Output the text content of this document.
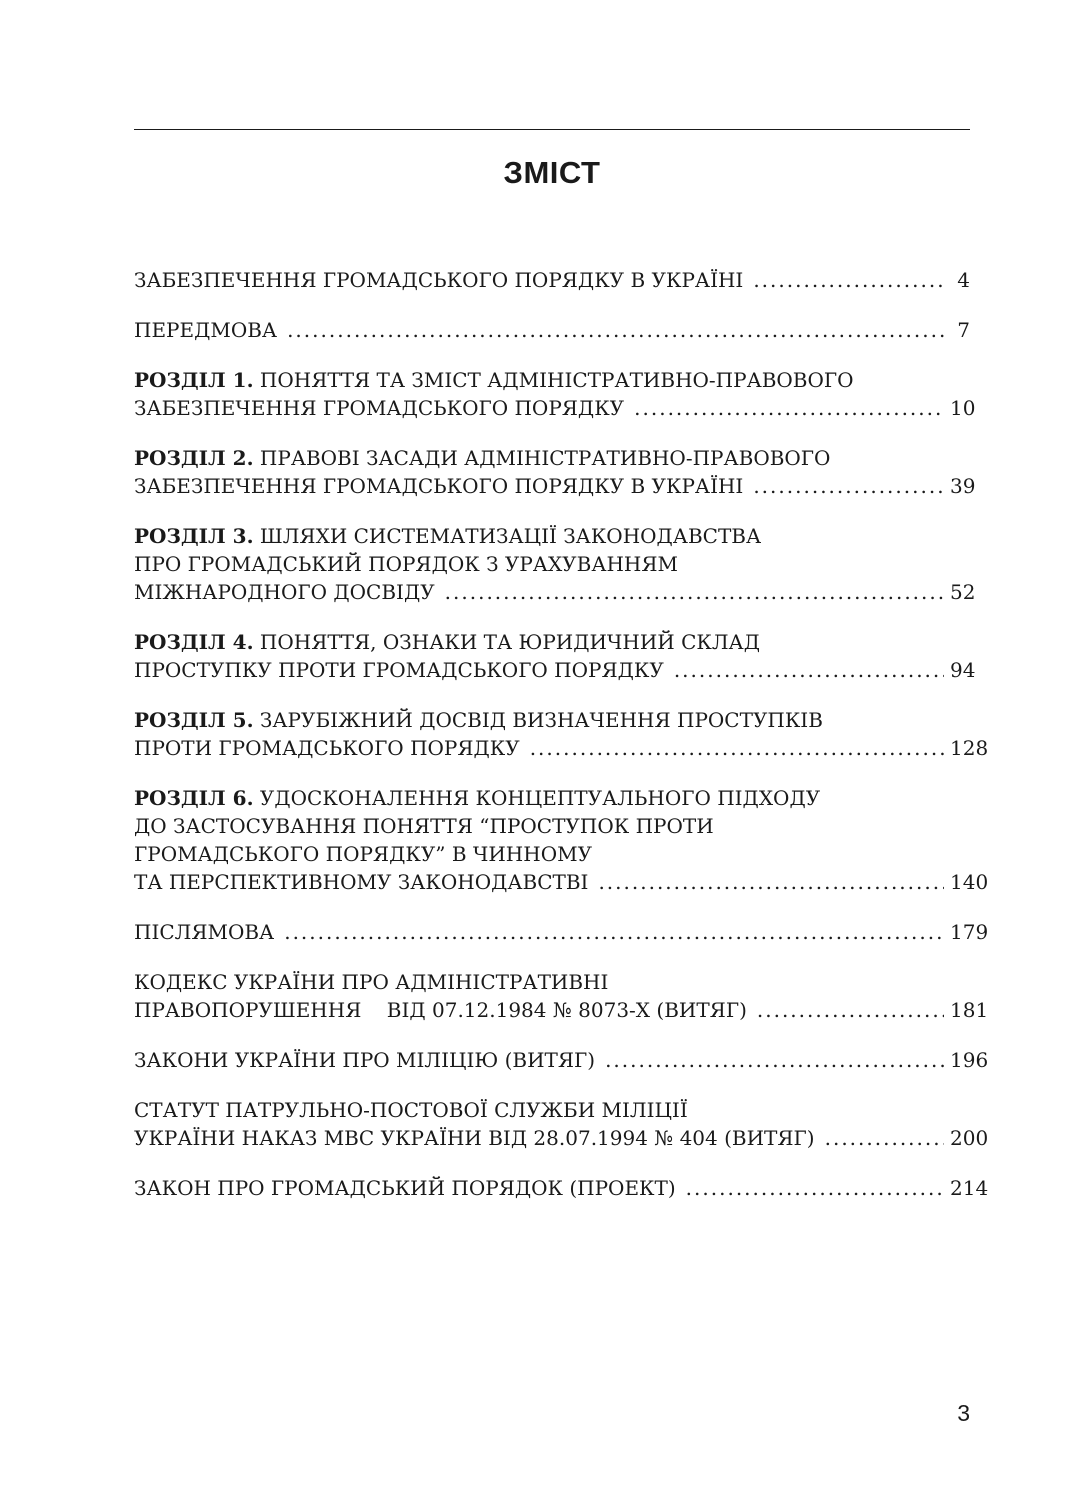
ЗМІСТ
ЗАБЕЗПЕЧЕННЯ ГРОМАДСЬКОГО ПОРЯДКУ В УКРАЇНІ .....	4
ПЕРЕДМОВА .....	7
РОЗДІЛ 1. ПОНЯТТЯ ТА ЗМІСТ АДМІНІСТРАТИВНО-ПРАВОВОГО
ЗАБЕЗПЕЧЕННЯ ГРОМАДСЬКОГО ПОРЯДКУ .....	10
РОЗДІЛ 2. ПРАВОВІ ЗАСАДИ АДМІНІСТРАТИВНО-ПРАВОВОГО
ЗАБЕЗПЕЧЕННЯ ГРОМАДСЬКОГО ПОРЯДКУ В УКРАЇНІ .....	39
РОЗДІЛ 3. ШЛЯХИ СИСТЕМАТИЗАЦІЇ ЗАКОНОДАВСТВА
ПРО ГРОМАДСЬКИЙ ПОРЯДОК З УРАХУВАННЯМ
МІЖНАРОДНОГО ДОСВІДУ .....	52
РОЗДІЛ 4. ПОНЯТТЯ, ОЗНАКИ ТА ЮРИДИЧНИЙ СКЛАД
ПРОСТУПКУ ПРОТИ ГРОМАДСЬКОГО ПОРЯДКУ .....	94
РОЗДІЛ 5. ЗАРУБІЖНИЙ ДОСВІД ВИЗНАЧЕННЯ ПРОСТУПКІВ
ПРОТИ ГРОМАДСЬКОГО ПОРЯДКУ .....	128
РОЗДІЛ 6. УДОСКОНАЛЕННЯ КОНЦЕПТУАЛЬНОГО ПІДХОДУ
ДО ЗАСТОСУВАННЯ ПОНЯТТЯ “ПРОСТУПОК ПРОТИ
ГРОМАДСЬКОГО ПОРЯДКУ” В ЧИННОМУ
ТА ПЕРСПЕКТИВНОМУ ЗАКОНОДАВСТВІ .....	140
ПІСЛЯМОВА .....	179
КОДЕКС УКРАЇНИ ПРО АДМІНІСТРАТИВНІ
ПРАВОПОРУШЕННЯ    ВІД 07.12.1984 № 8073-Х (ВИТЯГ) .....	181
ЗАКОНИ УКРАЇНИ ПРО МІЛІЦІЮ (ВИТЯГ) .....	196
СТАТУТ ПАТРУЛЬНО-ПОСТОВОЇ СЛУЖБИ МІЛІЦІЇ
УКРАЇНИ НАКАЗ МВС УКРАЇНИ ВІД 28.07.1994 № 404 (ВИТЯГ) .....	200
ЗАКОН ПРО ГРОМАДСЬКИЙ ПОРЯДОК (ПРОЕКТ) .....	214
3
